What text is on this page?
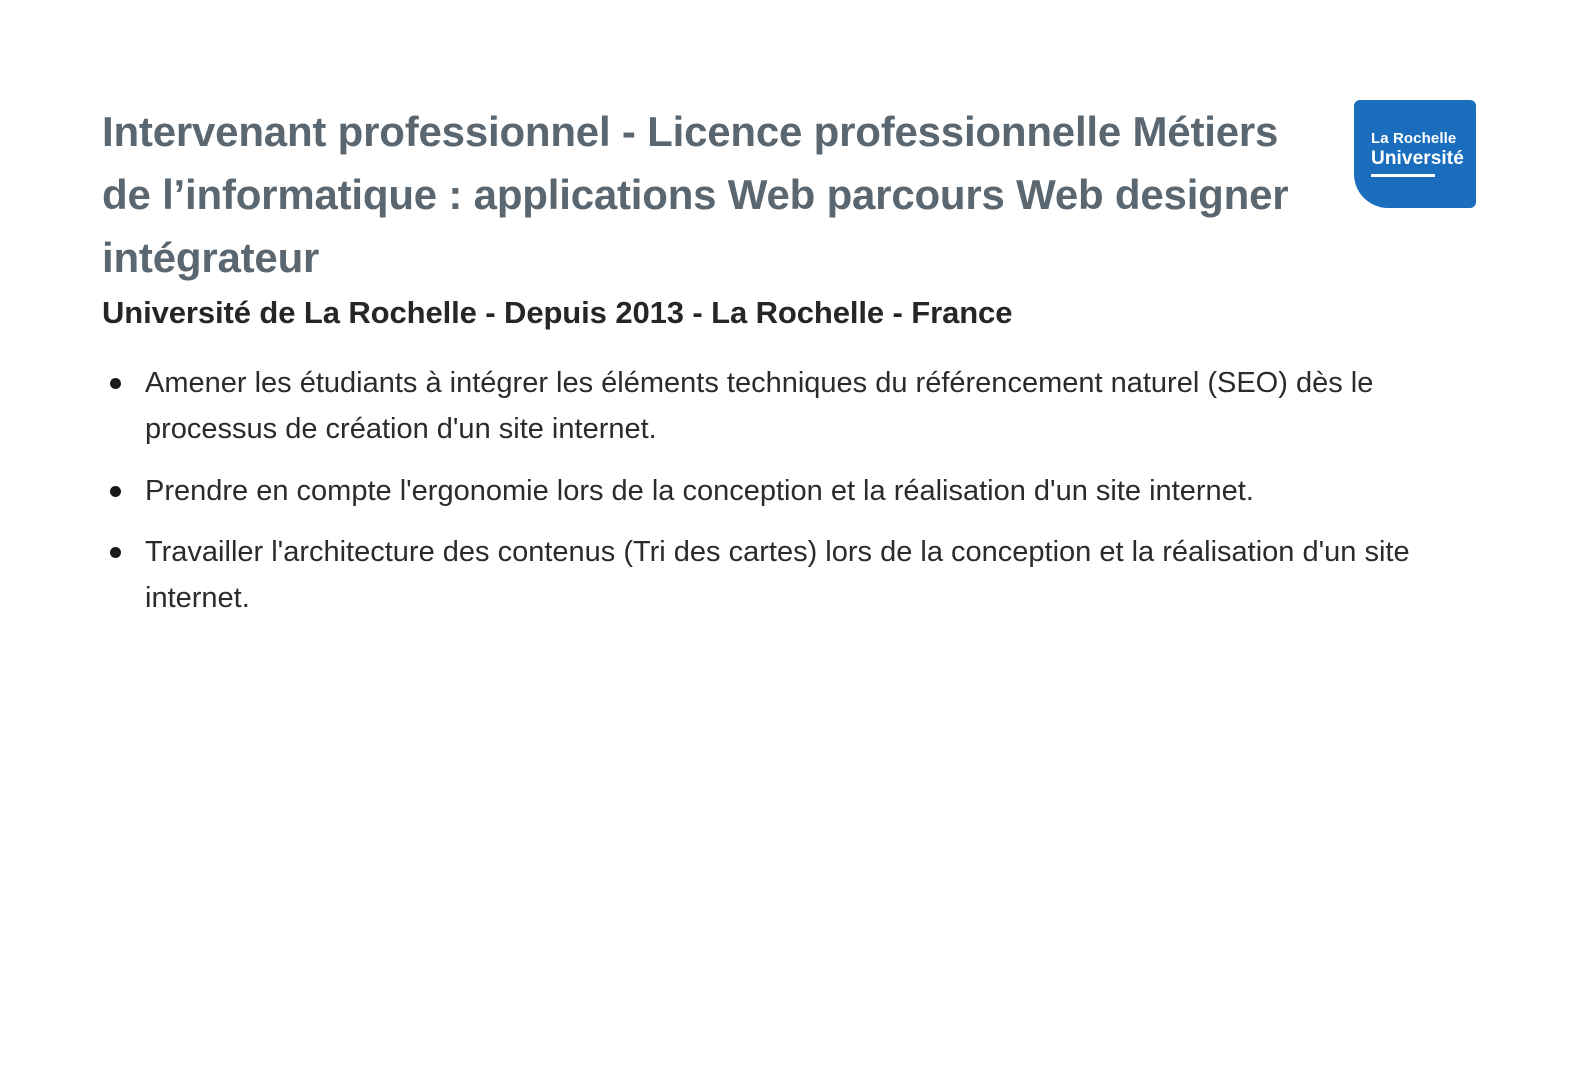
Intervenant professionnel - Licence professionnelle Métiers de l’informatique : applications Web parcours Web designer intégrateur
Université de La Rochelle - Depuis 2013 - La Rochelle - France
Amener les étudiants à intégrer les éléments techniques du référencement naturel (SEO) dès le processus de création d'un site internet.
Prendre en compte l'ergonomie lors de la conception et la réalisation d'un site internet.
Travailler l'architecture des contenus (Tri des cartes) lors de la conception et la réalisation d'un site internet.
La Rochelle
Université
